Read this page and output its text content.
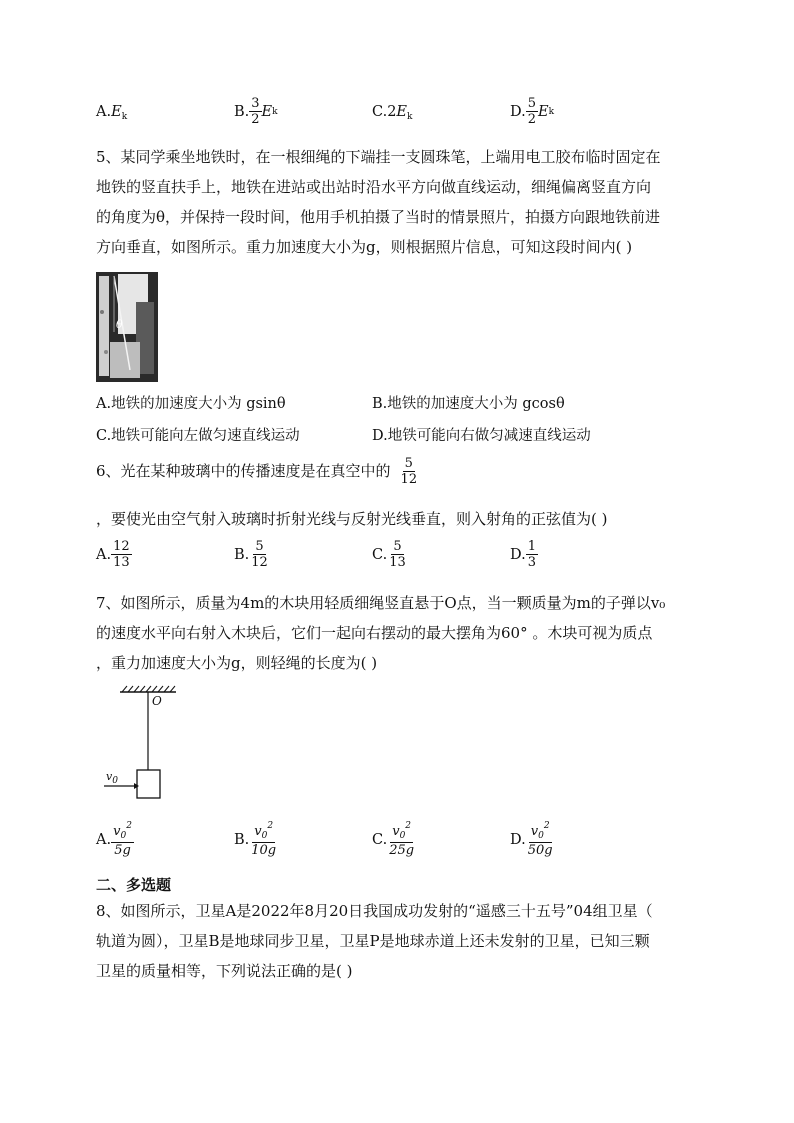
$A.E_k$	B. $\frac{3}{2}$ E k	$C.2E_k$	D. $\frac{5}{2}$ E k
5、某同学乘坐地铁时，在一根细绳的下端挂一支圆珠笔，上端用电工胶布临时固定在
地铁的竖直扶手上，地铁在进站或出站时沿水平方向做直线运动，细绳偏离竖直方向
的角度为θ，并保持一段时间，他用手机拍摄了当时的情景照片，拍摄方向跟地铁前进
方向垂直，如图所示。重力加速度大小为g，则根据照片信息，可知这段时间内( )
θ
A.地铁的加速度大小为 gsinθ	B.地铁的加速度大小为 gcosθ
C.地铁可能向左做匀速直线运动	D.地铁可能向右做匀减速直线运动
6、光在某种玻璃中的传播速度是在真空中的 $\frac{5}{12}$
，要使光由空气射入玻璃时折射光线与反射光线垂直，则入射角的正弦值为( )
A. $\frac{12}{13}$	B. $\frac{5}{12}$	C. $\frac{5}{13}$	D. $\frac{1}{3}$
7、如图所示，质量为4m的木块用轻质细绳竖直悬于O点，当一颗质量为m的子弹以v₀
的速度水平向右射入木块后，它们一起向右摆动的最大摆角为60° 。木块可视为质点
，重力加速度大小为g，则轻绳的长度为( )
O
$v_0$
A. $\frac{v_0^2}{5g}$	B. $\frac{v_0^2}{10g}$	C. $\frac{v_0^2}{25g}$	D. $\frac{v_0^2}{50g}$
二、多选题
8、如图所示，卫星A是2022年8月20日我国成功发射的“遥感三十五号”04组卫星（
轨道为圆），卫星B是地球同步卫星，卫星P是地球赤道上还未发射的卫星，已知三颗
卫星的质量相等，下列说法正确的是( )
